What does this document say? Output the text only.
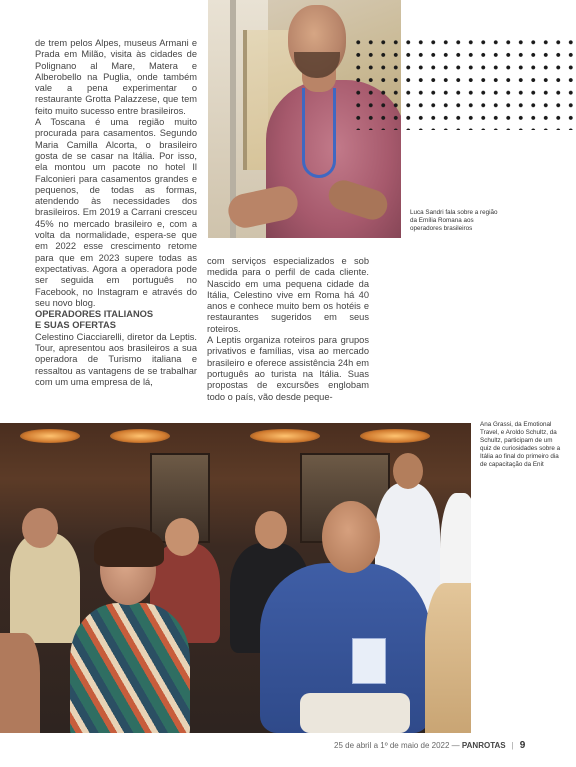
de trem pelos Alpes, museus Armani e Prada em Milão, visita às cidades de Polignano al Mare, Matera e Alberobello na Puglia, onde também vale a pena experimentar o restaurante Grotta Palazzese, que tem feito muito sucesso entre brasileiros.

A Toscana é uma região muito procurada para casamentos. Segundo Maria Camilla Alcorta, o brasileiro gosta de se casar na Itália. Por isso, ela montou um pacote no hotel Il Falconieri para casamentos grandes e pequenos, de todas as formas, atendendo às necessidades dos brasileiros. Em 2019 a Carrani cresceu 45% no mercado brasileiro e, com a volta da normalidade, espera-se que em 2022 esse crescimento retome para que em 2023 supere todas as expectativas. Agora a operadora pode ser seguida em português no Facebook, no Instagram e através do seu novo blog.

OPERADORES ITALIANOS
E SUAS OFERTAS

Celestino Ciacciarelli, diretor da Leptis. Tour, apresentou aos brasileiros a sua operadora de Turismo italiana e ressaltou as vantagens de se trabalhar com um uma empresa de lá,

Luca Sandri fala sobre a região da Emília Romana aos operadores brasileiros

com serviços especializados e sob medida para o perfil de cada cliente. Nascido em uma pequena cidade da Itália, Celestino vive em Roma há 40 anos e conhece muito bem os hotéis e restaurantes sugeridos em seus roteiros.

A Leptis organiza roteiros para grupos privativos e famílias, visa ao mercado brasileiro e oferece assistência 24h em português ao turista na Itália. Suas propostas de excursões englobam todo o país, vão desde peque-

Ana Grassi, da Emotional Travel, e Aroldo Schultz, da Schultz, participam de um quiz de curiosidades sobre a Itália ao final do primeiro dia de capacitação da Enit
25 de abril a 1º de maio de 2022 — PANROTAS | 9
